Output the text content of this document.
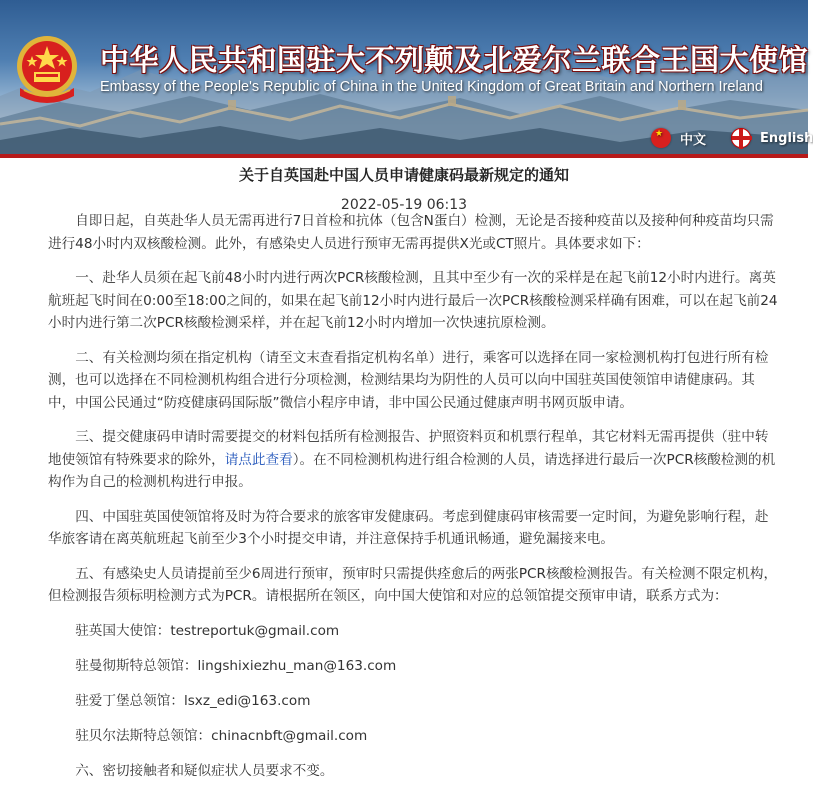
中华人民共和国驻大不列颠及北爱尔兰联合王国大使馆
Embassy of the People's Republic of China in the United Kingdom of Great Britain and Northern Ireland
★
中文	English
关于自英国赴中国人员申请健康码最新规定的通知
2022-05-19 06:13

自即日起，自英赴华人员无需再进行7日首检和抗体（包含N蛋白）检测，无论是否接种疫苗以及接种何种疫苗均只需进行48小时内双核酸检测。此外，有感染史人员进行预审无需再提供X光或CT照片。具体要求如下：

一、赴华人员须在起飞前48小时内进行两次PCR核酸检测，且其中至少有一次的采样是在起飞前12小时内进行。离英航班起飞时间在0:00至18:00之间的，如果在起飞前12小时内进行最后一次PCR核酸检测采样确有困难，可以在起飞前24小时内进行第二次PCR核酸检测采样，并在起飞前12小时内增加一次快速抗原检测。

二、有关检测均须在指定机构（请至文末查看指定机构名单）进行，乘客可以选择在同一家检测机构打包进行所有检测，也可以选择在不同检测机构组合进行分项检测，检测结果均为阴性的人员可以向中国驻英国使领馆申请健康码。其中，中国公民通过“防疫健康码国际版”微信小程序申请，非中国公民通过健康声明书网页版申请。

三、提交健康码申请时需要提交的材料包括所有检测报告、护照资料页和机票行程单，其它材料无需再提供（驻中转地使领馆有特殊要求的除外，请点此查看）。在不同检测机构进行组合检测的人员，请选择进行最后一次PCR核酸检测的机构作为自己的检测机构进行申报。

四、中国驻英国使领馆将及时为符合要求的旅客审发健康码。考虑到健康码审核需要一定时间，为避免影响行程，赴华旅客请在离英航班起飞前至少3个小时提交申请，并注意保持手机通讯畅通，避免漏接来电。

五、有感染史人员请提前至少6周进行预审，预审时只需提供痊愈后的两张PCR核酸检测报告。有关检测不限定机构，但检测报告须标明检测方式为PCR。请根据所在领区，向中国大使馆和对应的总领馆提交预审申请，联系方式为：

驻英国大使馆：testreportuk@gmail.com

驻曼彻斯特总领馆：lingshixiezhu_man@163.com

驻爱丁堡总领馆：lsxz_edi@163.com

驻贝尔法斯特总领馆：chinacnbft@gmail.com

六、密切接触者和疑似症状人员要求不变。
